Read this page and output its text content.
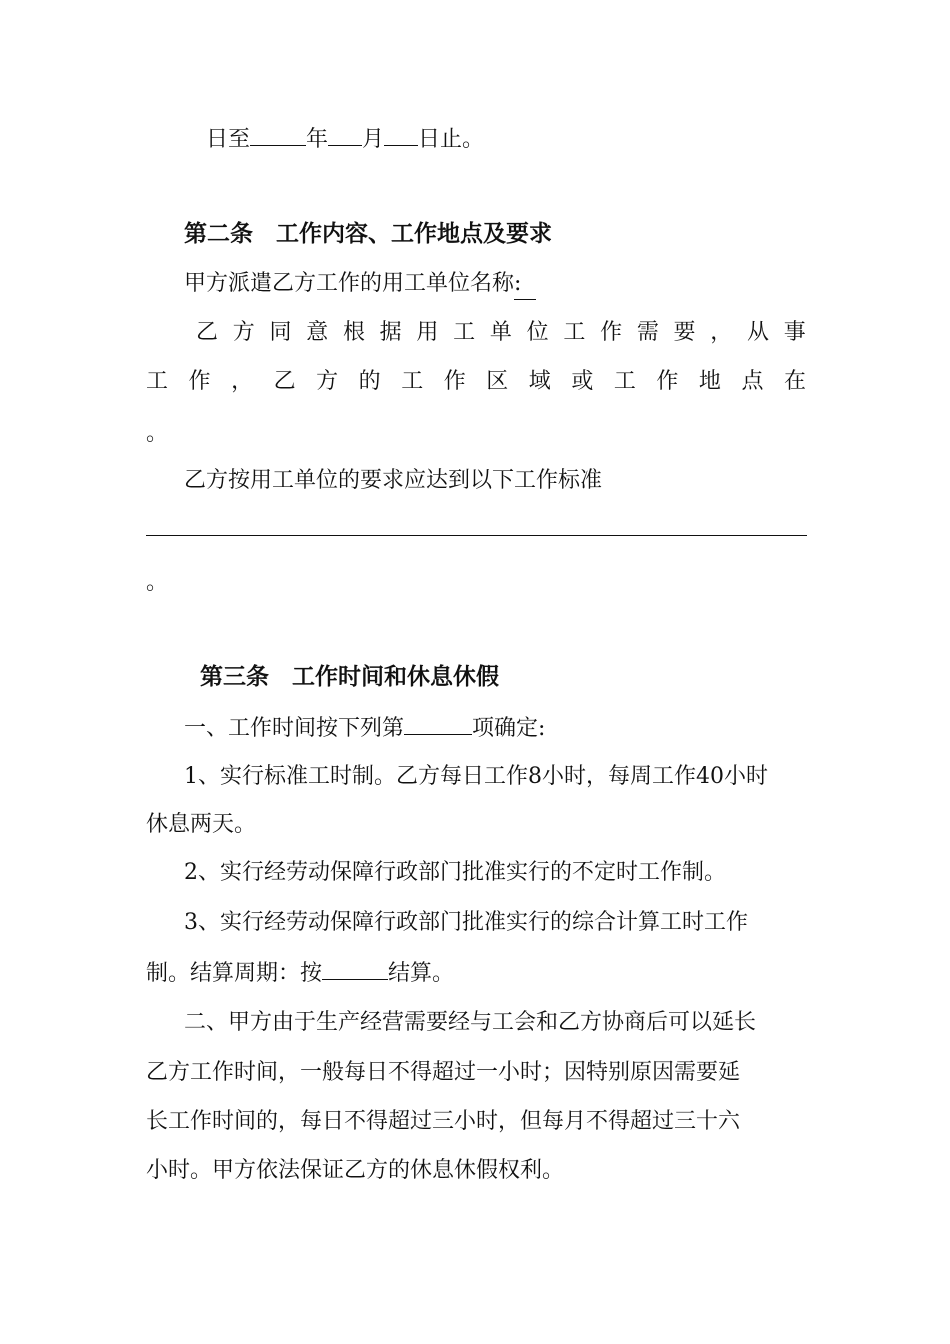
日至	年 月 日止。
第二条　工作内容、工作地点及要求
甲方派遣乙方工作的用工单位名称:
乙 方 同 意 根 据 用 工 单 位 工 作 需 要 ， 从 事
工 作 ， 乙 方 的 工 作 区 域 或 工 作 地 点 在
。
乙方按用工单位的要求应达到以下工作标准
。
第三条　工作时间和休息休假
一、工作时间按下列第	项确定:
1、实行标准工时制。乙方每日工作8小时，每周工作40小时
休息两天。
2、实行经劳动保障行政部门批准实行的不定时工作制。
3、实行经劳动保障行政部门批准实行的综合计算工时工作
制。结算周期：按	结算。
二、甲方由于生产经营需要经与工会和乙方协商后可以延长
乙方工作时间，一般每日不得超过一小时；因特别原因需要延
长工作时间的，每日不得超过三小时，但每月不得超过三十六
小时。甲方依法保证乙方的休息休假权利。
